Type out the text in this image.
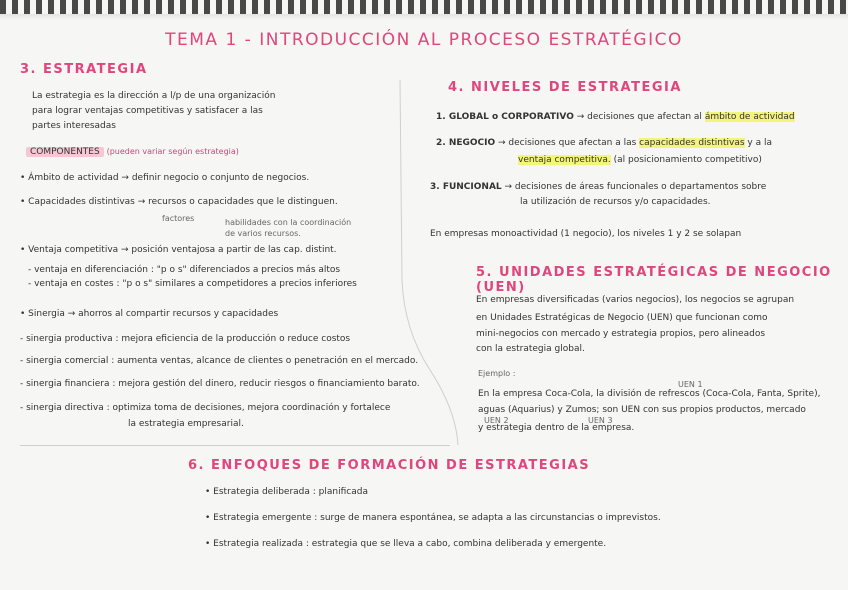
TEMA 1 - INTRODUCCIÓN AL PROCESO ESTRATÉGICO
3. ESTRATEGIA
La estrategia es la dirección a l/p de una organización
para lograr ventajas competitivas y satisfacer a las
partes interesadas
COMPONENTES (pueden variar según estrategia)
• Ámbito de actividad → definir negocio o conjunto de negocios.
• Capacidades distintivas → recursos o capacidades que le distinguen.
factores	habilidades con la coordinación
de varios recursos.
• Ventaja competitiva → posición ventajosa a partir de las cap. distint.
- ventaja en diferenciación : "p o s" diferenciados a precios más altos
- ventaja en costes : "p o s" similares a competidores a precios inferiores
• Sinergia → ahorros al compartir recursos y capacidades
- sinergia productiva : mejora eficiencia de la producción o reduce costos
- sinergia comercial : aumenta ventas, alcance de clientes o penetración en el mercado.
- sinergia financiera : mejora gestión del dinero, reducir riesgos o financiamiento barato.
- sinergia directiva : optimiza toma de decisiones, mejora coordinación y fortalece
la estrategia empresarial.
4. NIVELES DE ESTRATEGIA
1. GLOBAL o CORPORATIVO → decisiones que afectan al ámbito de actividad
2. NEGOCIO → decisiones que afectan a las capacidades distintivas y a la
ventaja competitiva. (al posicionamiento competitivo)
3. FUNCIONAL → decisiones de áreas funcionales o departamentos sobre
la utilización de recursos y/o capacidades.
En empresas monoactividad (1 negocio), los niveles 1 y 2 se solapan
5. UNIDADES ESTRATÉGICAS DE NEGOCIO (UEN)
En empresas diversificadas (varios negocios), los negocios se agrupan
en Unidades Estratégicas de Negocio (UEN) que funcionan como
mini-negocios con mercado y estrategia propios, pero alineados
con la estrategia global.
Ejemplo :
UEN 1
En la empresa Coca-Cola, la división de refrescos (Coca-Cola, Fanta, Sprite),
aguas (Aquarius) y Zumos; son UEN con sus propios productos, mercado
UEN 2	UEN 3
y estrategia dentro de la empresa.
6. ENFOQUES DE FORMACIÓN DE ESTRATEGIAS
• Estrategia deliberada : planificada
• Estrategia emergente : surge de manera espontánea, se adapta a las circunstancias o imprevistos.
• Estrategia realizada : estrategia que se lleva a cabo, combina deliberada y emergente.
